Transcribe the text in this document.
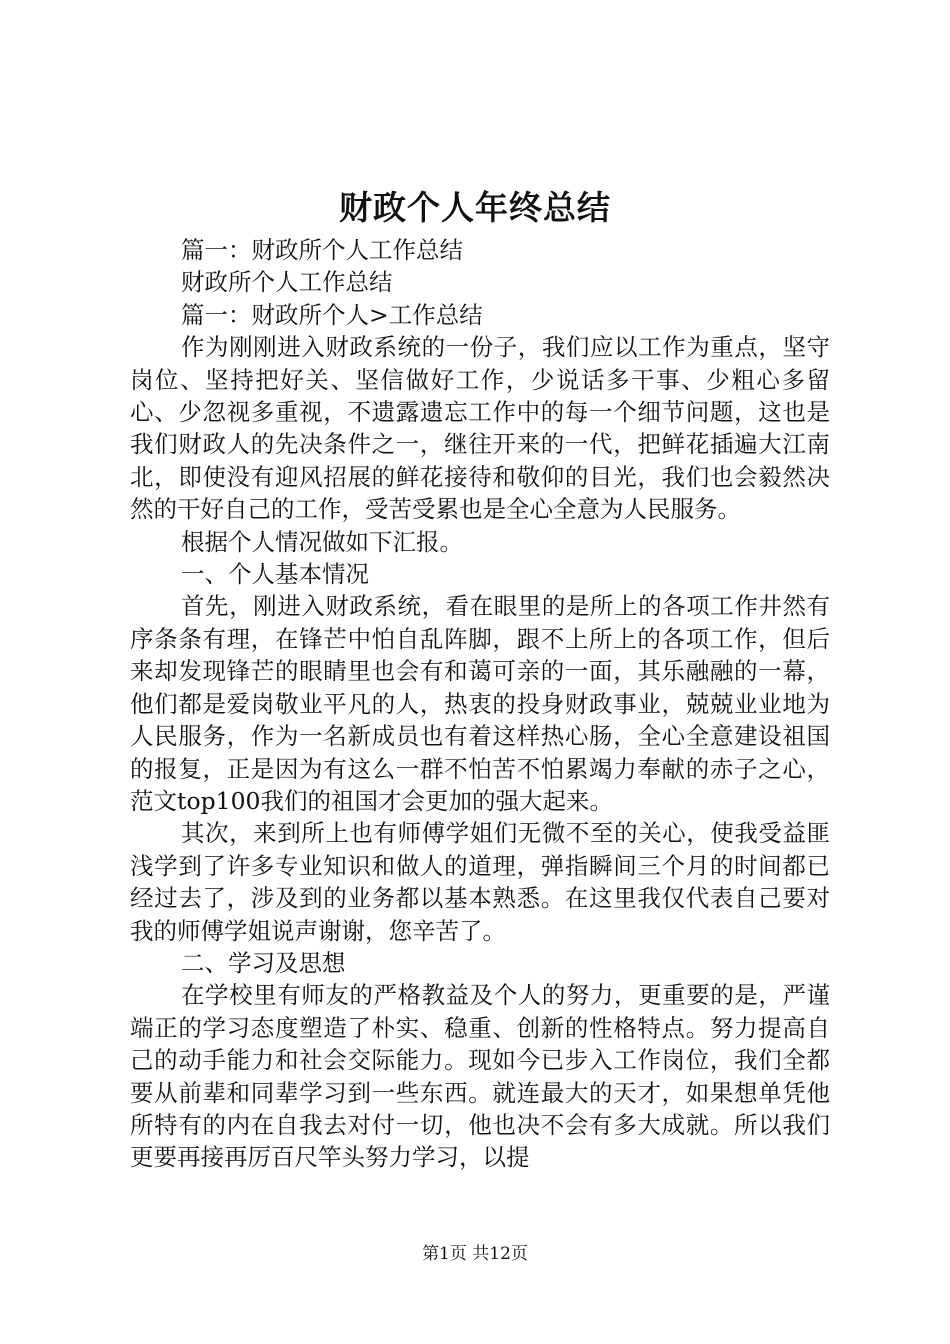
财政个人年终总结

篇一：财政所个人工作总结

财政所个人工作总结

篇一：财政所个人>工作总结

作为刚刚进入财政系统的一份子，我们应以工作为重点，坚守岗位、坚持把好关、坚信做好工作，少说话多干事、少粗心多留心、少忽视多重视，不遗露遗忘工作中的每一个细节问题，这也是我们财政人的先决条件之一，继往开来的一代，把鲜花插遍大江南北，即使没有迎风招展的鲜花接待和敬仰的目光，我们也会毅然决然的干好自己的工作，受苦受累也是全心全意为人民服务。

根据个人情况做如下汇报。

一、个人基本情况

首先，刚进入财政系统，看在眼里的是所上的各项工作井然有序条条有理，在锋芒中怕自乱阵脚，跟不上所上的各项工作，但后来却发现锋芒的眼睛里也会有和蔼可亲的一面，其乐融融的一幕，他们都是爱岗敬业平凡的人，热衷的投身财政事业，兢兢业业地为人民服务，作为一名新成员也有着这样热心肠，全心全意建设祖国的报复，正是因为有这么一群不怕苦不怕累竭力奉献的赤子之心，范文top100我们的祖国才会更加的强大起来。

其次，来到所上也有师傅学姐们无微不至的关心，使我受益匪浅学到了许多专业知识和做人的道理，弹指瞬间三个月的时间都已经过去了，涉及到的业务都以基本熟悉。在这里我仅代表自己要对我的师傅学姐说声谢谢，您辛苦了。

二、学习及思想

在学校里有师友的严格教益及个人的努力，更重要的是，严谨端正的学习态度塑造了朴实、稳重、创新的性格特点。努力提高自己的动手能力和社会交际能力。现如今已步入工作岗位，我们全都要从前辈和同辈学习到一些东西。就连最大的天才，如果想单凭他所特有的内在自我去对付一切，他也决不会有多大成就。所以我们更要再接再厉百尺竿头努力学习，以提

第1页 共12页
